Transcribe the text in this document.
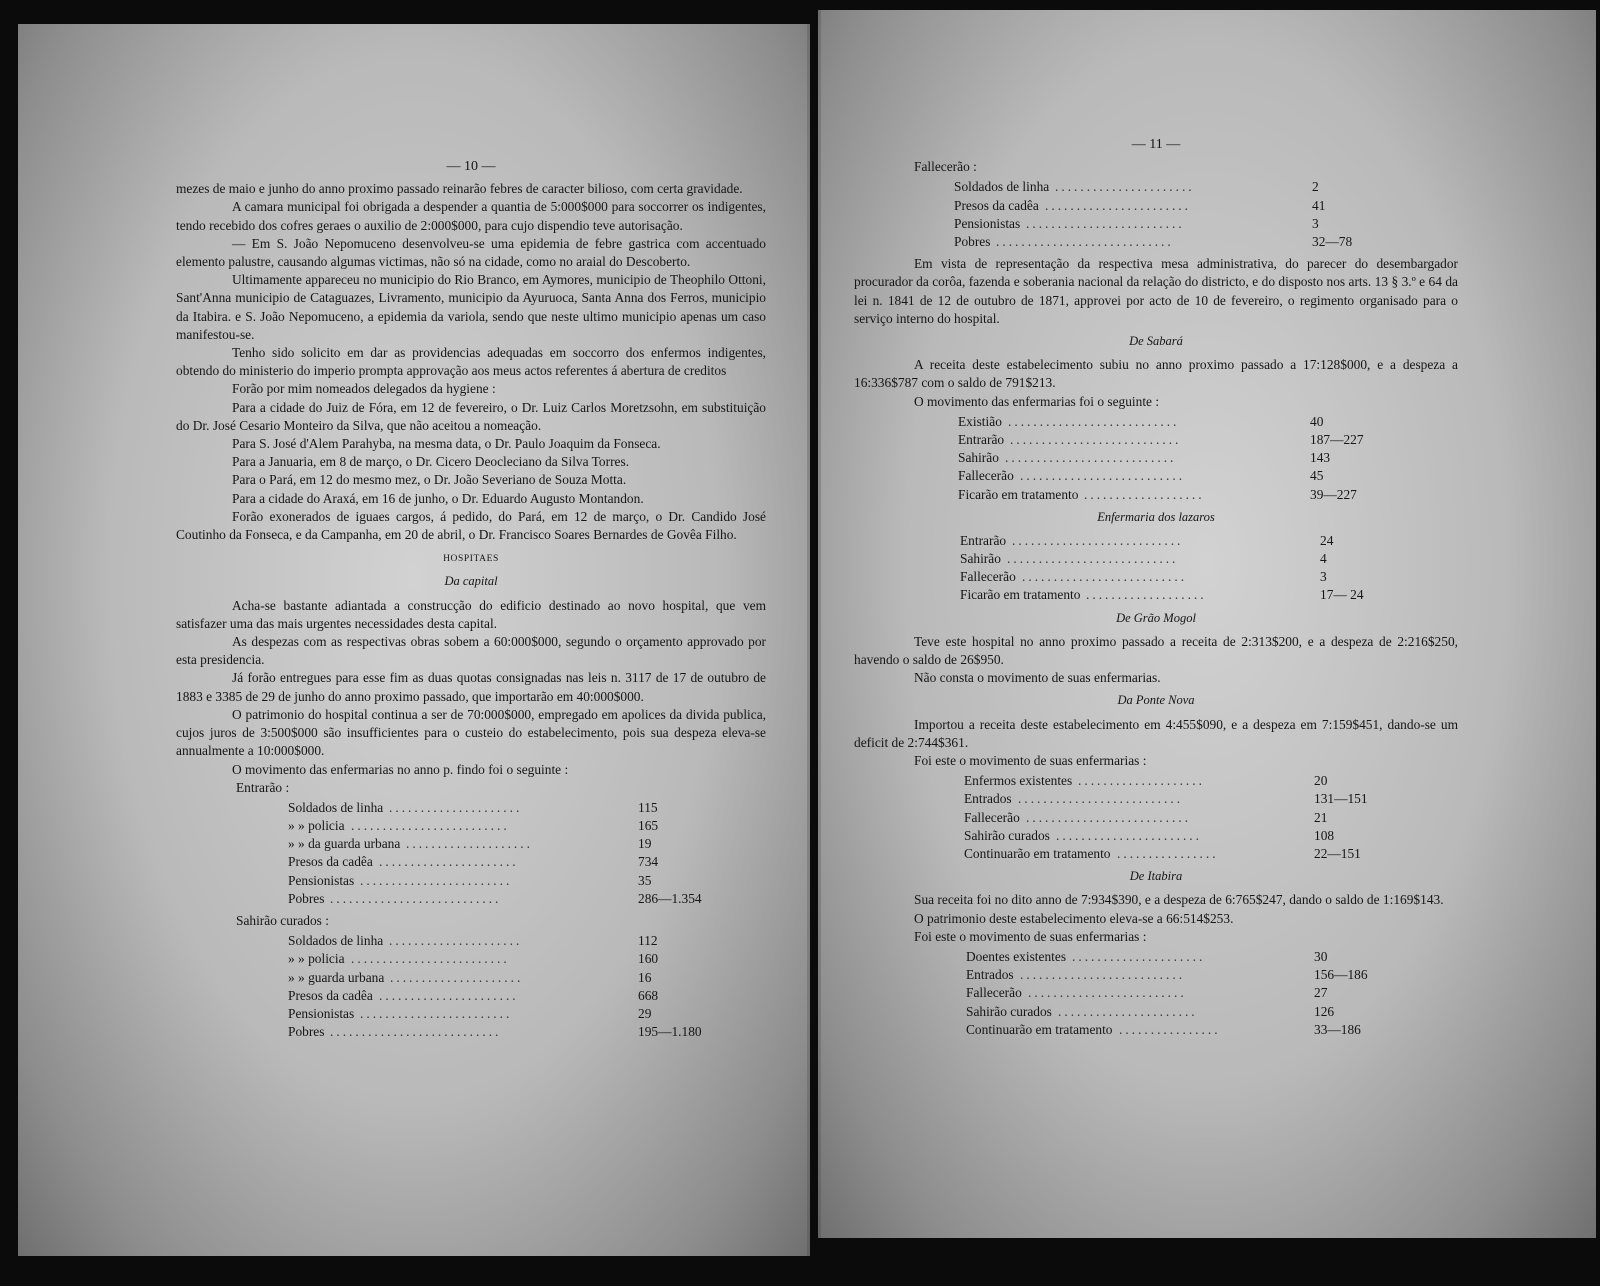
— 10 —

mezes de maio e junho do anno proximo passado reinarão febres de caracter bilioso, com certa gravidade.

A camara municipal foi obrigada a despender a quantia de 5:000$000 para soccorrer os indigentes, tendo recebido dos cofres geraes o auxilio de 2:000$000, para cujo dispendio teve autorisação.

— Em S. João Nepomuceno desenvolveu-se uma epidemia de febre gastrica com accentuado elemento palustre, causando algumas victimas, não só na cidade, como no araial do Descoberto.

Ultimamente appareceu no municipio do Rio Branco, em Aymores, municipio de Theophilo Ottoni, Sant'Anna municipio de Cataguazes, Livramento, municipio da Ayuruoca, Santa Anna dos Ferros, municipio da Itabira. e S. João Nepomuceno, a epidemia da variola, sendo que neste ultimo municipio apenas um caso manifestou-se.

Tenho sido solicito em dar as providencias adequadas em soccorro dos enfermos indigentes, obtendo do ministerio do imperio prompta approvação aos meus actos referentes á abertura de creditos

Forão por mim nomeados delegados da hygiene :

Para a cidade do Juiz de Fóra, em 12 de fevereiro, o Dr. Luiz Carlos Moretzsohn, em substituição do Dr. José Cesario Monteiro da Silva, que não aceitou a nomeação.

Para S. José d'Alem Parahyba, na mesma data, o Dr. Paulo Joaquim da Fonseca.

Para a Januaria, em 8 de março, o Dr. Cicero Deocleciano da Silva Torres.

Para o Pará, em 12 do mesmo mez, o Dr. João Severiano de Souza Motta.

Para a cidade do Araxá, em 16 de junho, o Dr. Eduardo Augusto Montandon.

Forão exonerados de iguaes cargos, á pedido, do Pará, em 12 de março, o Dr. Candido José Coutinho da Fonseca, e da Campanha, em 20 de abril, o Dr. Francisco Soares Bernardes de Govêa Filho.

HOSPITAES
Da capital

Acha-se bastante adiantada a construcção do edificio destinado ao novo hospital, que vem satisfazer uma das mais urgentes necessidades desta capital.

As despezas com as respectivas obras sobem a 60:000$000, segundo o orçamento approvado por esta presidencia.

Já forão entregues para esse fim as duas quotas consignadas nas leis n. 3117 de 17 de outubro de 1883 e 3385 de 29 de junho do anno proximo passado, que importarão em 40:000$000.

O patrimonio do hospital continua a ser de 70:000$000, empregado em apolices da divida publica, cujos juros de 3:500$000 são insufficientes para o custeio do estabelecimento, pois sua despeza eleva-se annualmente a 10:000$000.

O movimento das enfermarias no anno p. findo foi o seguinte :

Entrarão :
Soldados de linha .....................	115
» » policia .........................	165
» » da guarda urbana ....................	19
Presos da cadêa ......................	734
Pensionistas ........................	35
Pobres ...........................	286—1.354
Sahirão curados :
Soldados de linha .....................	112
» » policia .........................	160
» » guarda urbana .....................	16
Presos da cadêa ......................	668
Pensionistas ........................	29
Pobres ...........................	195—1.180
— 11 —
Fallecerão :
Soldados de linha ......................	2
Presos da cadêa .......................	41
Pensionistas .........................	3
Pobres ............................	32—78

Em vista de representação da respectiva mesa administrativa, do parecer do desembargador procurador da corôa, fazenda e soberania nacional da relação do districto, e do disposto nos arts. 13 § 3.º e 64 da lei n. 1841 de 12 de outubro de 1871, approvei por acto de 10 de fevereiro, o regimento organisado para o serviço interno do hospital.

De Sabará

A receita deste estabelecimento subiu no anno proximo passado a 17:128$000, e a despeza a 16:336$787 com o saldo de 791$213.

O movimento das enfermarias foi o seguinte :

Existião ...........................	40
Entrarão ...........................	187—227
Sahirão ...........................	143
Fallecerão ..........................	45
Ficarão em tratamento ...................	39—227
Enfermaria dos lazaros
Entrarão ...........................	24
Sahirão ...........................	4
Fallecerão ..........................	3
Ficarão em tratamento ...................	17— 24
De Grão Mogol

Teve este hospital no anno proximo passado a receita de 2:313$200, e a despeza de 2:216$250, havendo o saldo de 26$950.

Não consta o movimento de suas enfermarias.

Da Ponte Nova

Importou a receita deste estabelecimento em 4:455$090, e a despeza em 7:159$451, dando-se um deficit de 2:744$361.

Foi este o movimento de suas enfermarias :

Enfermos existentes ....................	20
Entrados ..........................	131—151
Fallecerão ..........................	21
Sahirão curados .......................	108
Continuarão em tratamento ................	22—151
De Itabira

Sua receita foi no dito anno de 7:934$390, e a despeza de 6:765$247, dando o saldo de 1:169$143.

O patrimonio deste estabelecimento eleva-se a 66:514$253.

Foi este o movimento de suas enfermarias :

Doentes existentes .....................	30
Entrados ..........................	156—186
Fallecerão .........................	27
Sahirão curados ......................	126
Continuarão em tratamento ................	33—186
